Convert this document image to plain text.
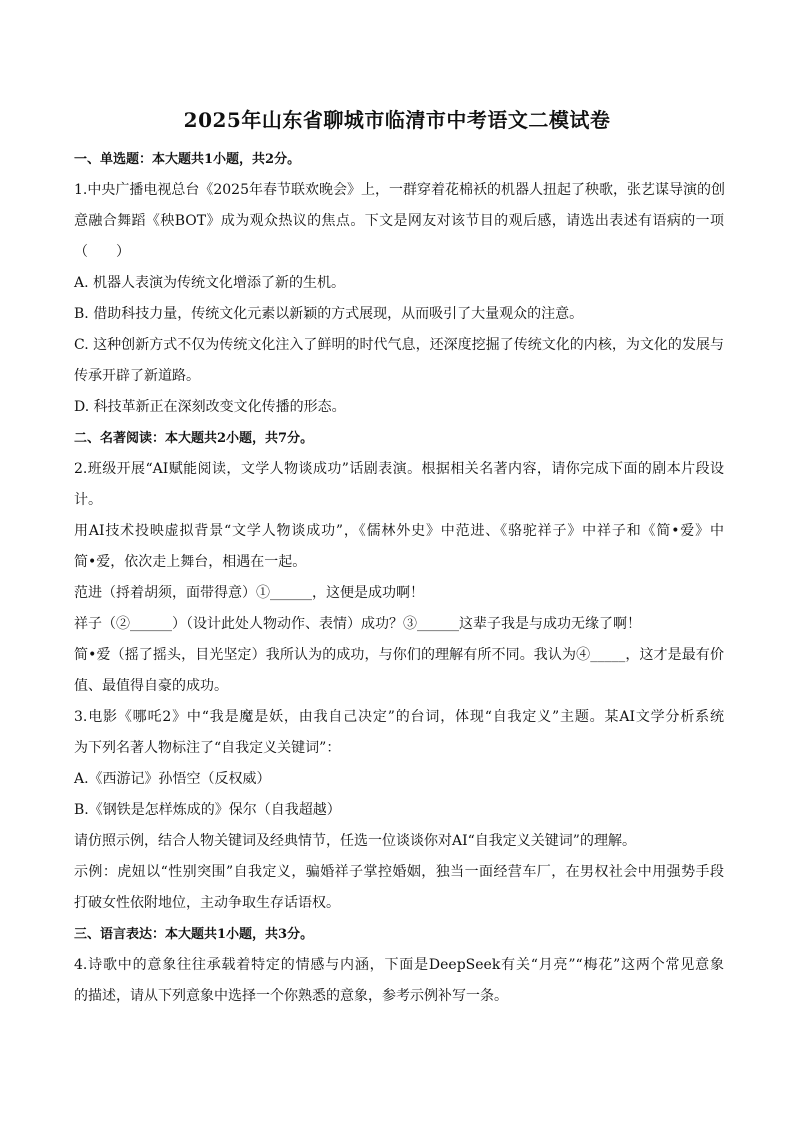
2025年山东省聊城市临清市中考语文二模试卷
一、单选题：本大题共1小题，共2分。
1.中央广播电视总台《2025年春节联欢晚会》上，一群穿着花棉袄的机器人扭起了秧歌，张艺谋导演的创
意融合舞蹈《秧BOT》成为观众热议的焦点。下文是网友对该节目的观后感，请选出表述有语病的一项
（　　）
A. 机器人表演为传统文化增添了新的生机。
B. 借助科技力量，传统文化元素以新颖的方式展现，从而吸引了大量观众的注意。
C. 这种创新方式不仅为传统文化注入了鲜明的时代气息，还深度挖掘了传统文化的内核，为文化的发展与
传承开辟了新道路。
D. 科技革新正在深刻改变文化传播的形态。
二、名著阅读：本大题共2小题，共7分。
2.班级开展“AI赋能阅读，文学人物谈成功”话剧表演。根据相关名著内容，请你完成下面的剧本片段设
计。
用AI技术投映虚拟背景“文学人物谈成功”，《儒林外史》中范进、《骆驼祥子》中祥子和《简•爱》中
简•爱，依次走上舞台，相遇在一起。
范进（捋着胡须，面带得意）①______，这便是成功啊！
祥子（②______）（设计此处人物动作、表情）成功？③______这辈子我是与成功无缘了啊！
简•爱（摇了摇头，目光坚定）我所认为的成功，与你们的理解有所不同。我认为④_____，这才是最有价
值、最值得自豪的成功。
3.电影《哪吒2》中“我是魔是妖，由我自己决定”的台词，体现“自我定义”主题。某AI文学分析系统
为下列名著人物标注了“自我定义关键词”：
A.《西游记》孙悟空（反权威）
B.《钢铁是怎样炼成的》保尔（自我超越）
请仿照示例，结合人物关键词及经典情节，任选一位谈谈你对AI“自我定义关键词”的理解。
示例：虎妞以“性别突围”自我定义，骗婚祥子掌控婚姻，独当一面经营车厂，在男权社会中用强势手段
打破女性依附地位，主动争取生存话语权。
三、语言表达：本大题共1小题，共3分。
4.诗歌中的意象往往承载着特定的情感与内涵，下面是DeepSeek有关“月亮”“梅花”这两个常见意象
的描述，请从下列意象中选择一个你熟悉的意象，参考示例补写一条。
